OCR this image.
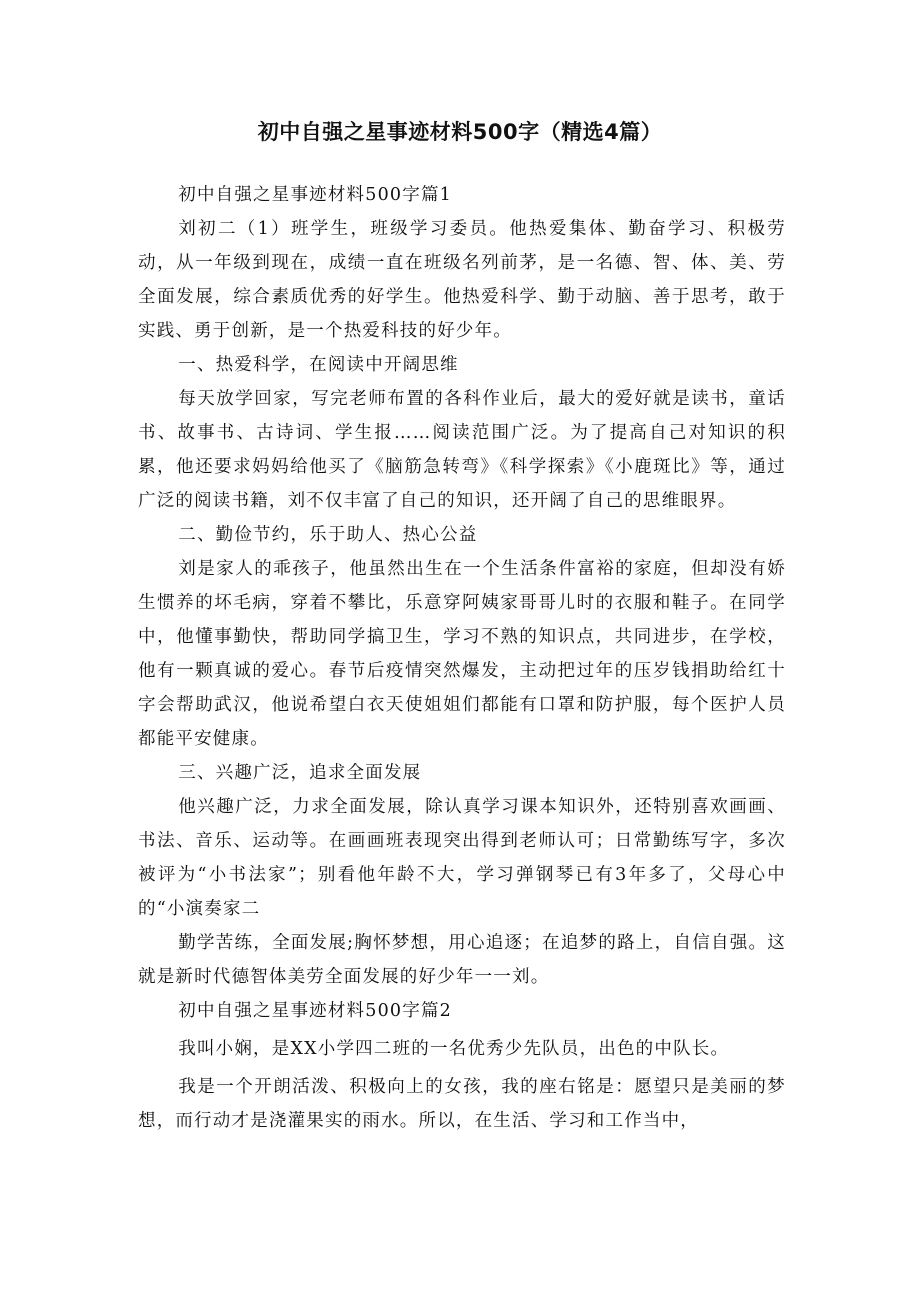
初中自强之星事迹材料500字（精选4篇）

初中自强之星事迹材料500字篇1

刘初二（1）班学生，班级学习委员。他热爱集体、勤奋学习、积极劳动，从一年级到现在，成绩一直在班级名列前茅，是一名德、智、体、美、劳全面发展，综合素质优秀的好学生。他热爱科学、勤于动脑、善于思考，敢于实践、勇于创新，是一个热爱科技的好少年。

一、热爱科学，在阅读中开阔思维

每天放学回家，写完老师布置的各科作业后，最大的爱好就是读书，童话书、故事书、古诗词、学生报……阅读范围广泛。为了提高自己对知识的积累，他还要求妈妈给他买了《脑筋急转弯》《科学探索》《小鹿斑比》等，通过广泛的阅读书籍，刘不仅丰富了自己的知识，还开阔了自己的思维眼界。

二、勤俭节约，乐于助人、热心公益

刘是家人的乖孩子，他虽然出生在一个生活条件富裕的家庭，但却没有娇生惯养的坏毛病，穿着不攀比，乐意穿阿姨家哥哥儿时的衣服和鞋子。在同学中，他懂事勤快，帮助同学搞卫生，学习不熟的知识点，共同进步，在学校，他有一颗真诚的爱心。春节后疫情突然爆发，主动把过年的压岁钱捐助给红十字会帮助武汉，他说希望白衣天使姐姐们都能有口罩和防护服，每个医护人员都能平安健康。

三、兴趣广泛，追求全面发展

他兴趣广泛，力求全面发展，除认真学习课本知识外，还特别喜欢画画、书法、音乐、运动等。在画画班表现突出得到老师认可；日常勤练写字，多次被评为“小书法家”；别看他年龄不大，学习弹钢琴已有3年多了，父母心中的“小演奏家二

勤学苦练，全面发展;胸怀梦想，用心追逐；在追梦的路上，自信自强。这就是新时代德智体美劳全面发展的好少年一一刘。

初中自强之星事迹材料500字篇2

我叫小娴，是XX小学四二班的一名优秀少先队员，出色的中队长。

我是一个开朗活泼、积极向上的女孩，我的座右铭是：愿望只是美丽的梦想，而行动才是浇灌果实的雨水。所以，在生活、学习和工作当中，
